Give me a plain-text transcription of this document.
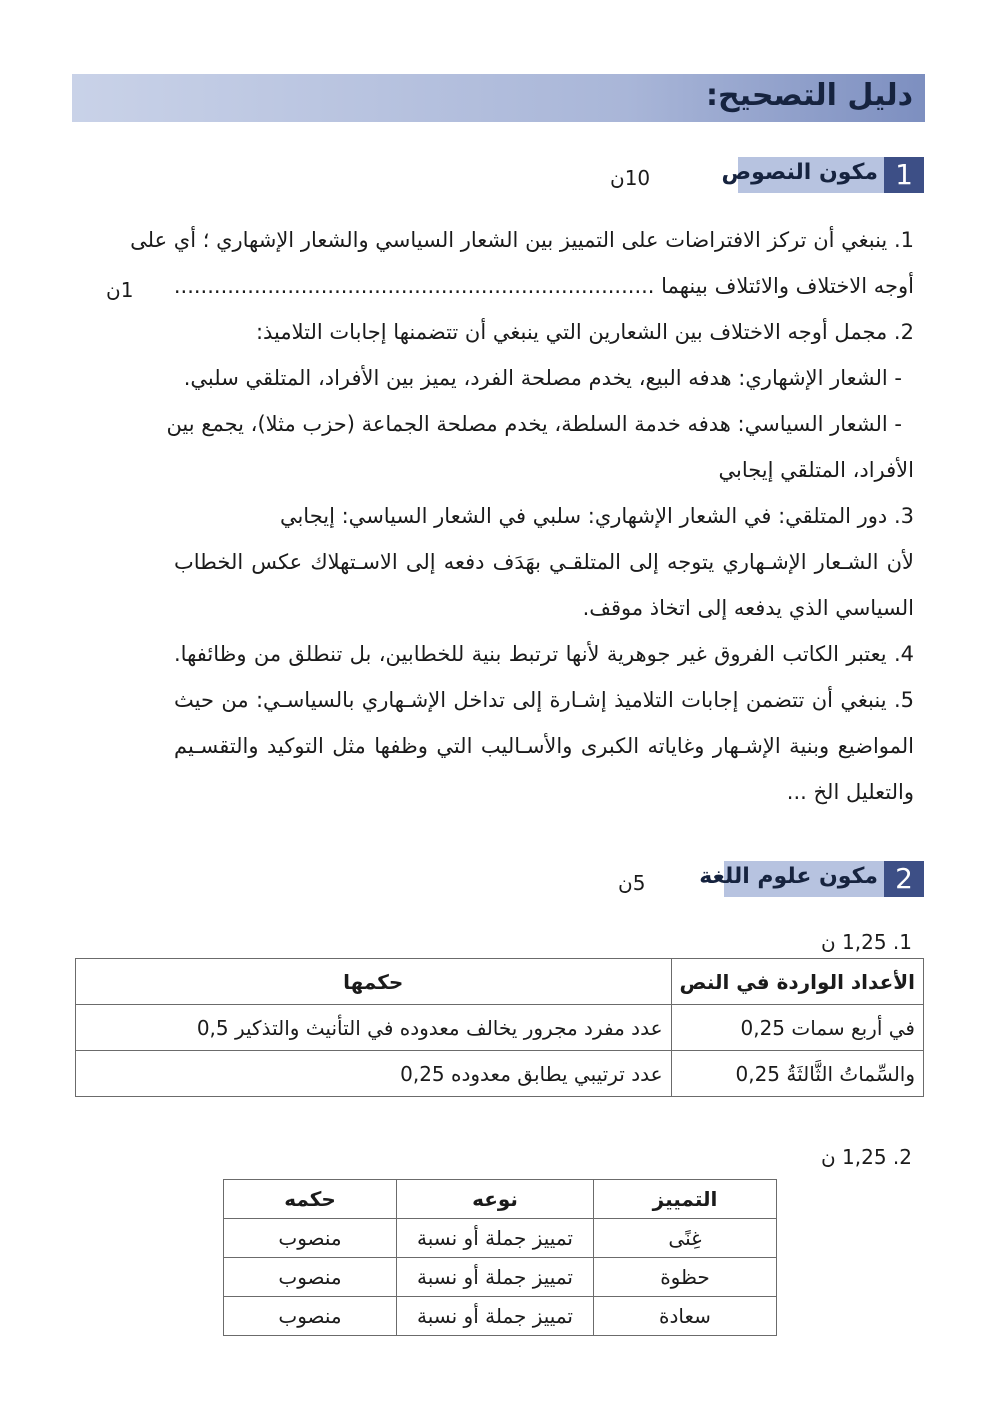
دليل التصحيح:
1
مكون النصوص
10ن
1. ينبغي أن تركز الافتراضات على التمييز بين الشعار السياسي والشعار الإشهاري ؛ أي على
أوجه الاختلاف والائتلاف بينهما ........................................................................
1ن
2. مجمل أوجه الاختلاف بين الشعارين التي ينبغي أن تتضمنها إجابات التلاميذ:
- الشعار الإشهاري: هدفه البيع، يخدم مصلحة الفرد، يميز بين الأفراد، المتلقي سلبي.
- الشعار السياسي: هدفه خدمة السلطة، يخدم مصلحة الجماعة (حزب مثلا)، يجمع بين
الأفراد، المتلقي إيجابي
3. دور المتلقي: في الشعار الإشهاري: سلبي في الشعار السياسي: إيجابي
لأن الشـعار الإشـهاري يتوجه إلى المتلقـي بهَدَف دفعه إلى الاسـتهلاك عكس الخطاب
السياسي الذي يدفعه إلى اتخاذ موقف.
4. يعتبر الكاتب الفروق غير جوهرية لأنها ترتبط بنية للخطابين، بل تنطلق من وظائفها.
5. ينبغي أن تتضمن إجابات التلاميذ إشـارة إلى تداخل الإشـهاري بالسياسـي: من حيث
المواضيع وبنية الإشـهار وغاياته الكبرى والأسـاليب التي وظفها مثل التوكيد والتقسـيم
والتعليل الخ ...
2
مكون علوم اللغة
5ن
1. 1,25 ن
الأعداد الواردة في النص	حكمها
في أربع سمات 0,25	عدد مفرد مجرور يخالف معدوده في التأنيث والتذكير 0,5
والسِّماتُ الثَّالثَةُ 0,25	عدد ترتيبي يطابق معدوده 0,25
2. 1,25 ن
التمييز	نوعه	حكمه
غِنًى	تمييز جملة أو نسبة	منصوب
حظوة	تمييز جملة أو نسبة	منصوب
سعادة	تمييز جملة أو نسبة	منصوب
